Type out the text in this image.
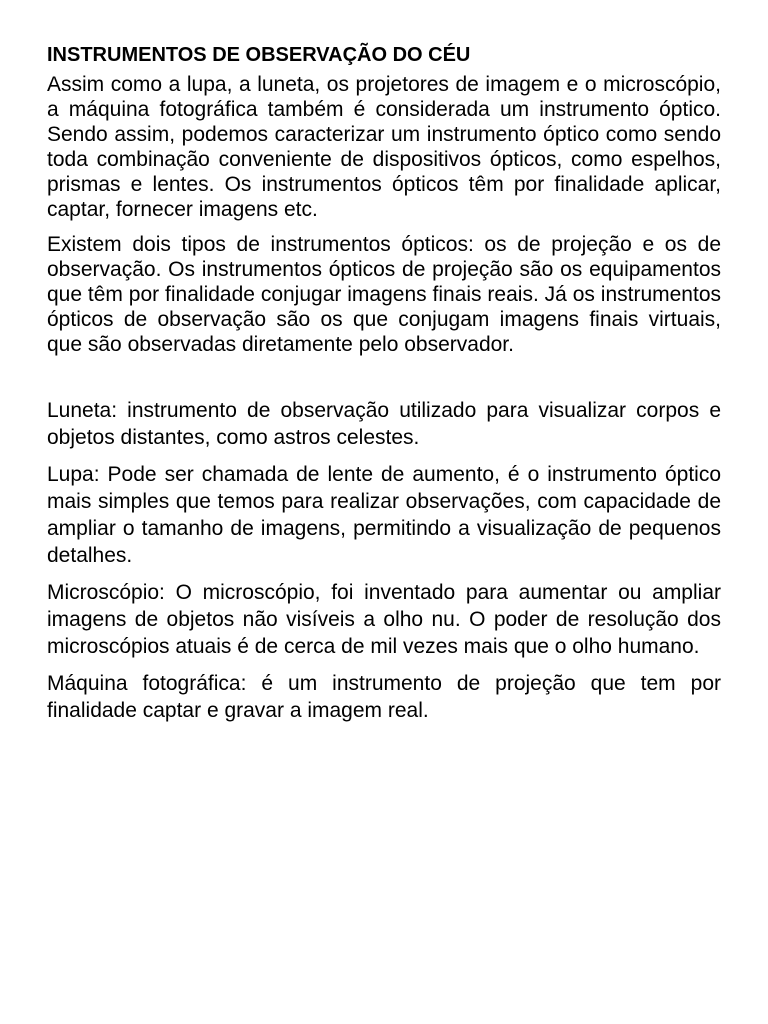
INSTRUMENTOS DE OBSERVAÇÃO DO CÉU

Assim como a lupa, a luneta, os projetores de imagem e o microscópio, a máquina fotográfica também é considerada um instrumento óptico. Sendo assim, podemos caracterizar um instrumento óptico como sendo toda combinação conveniente de dispositivos ópticos, como espelhos, prismas e lentes. Os instrumentos ópticos têm por finalidade aplicar, captar, fornecer imagens etc.

Existem dois tipos de instrumentos ópticos: os de projeção e os de observação. Os instrumentos ópticos de projeção são os equipamentos que têm por finalidade conjugar imagens finais reais. Já os instrumentos ópticos de observação são os que conjugam imagens finais virtuais, que são observadas diretamente pelo observador.

Luneta: instrumento de observação utilizado para visualizar corpos e objetos distantes, como astros celestes.

Lupa: Pode ser chamada de lente de aumento, é o instrumento óptico mais simples que temos para realizar observações, com capacidade de ampliar o tamanho de imagens, permitindo a visualização de pequenos detalhes.

Microscópio: O microscópio, foi inventado para aumentar ou ampliar imagens de objetos não visíveis a olho nu. O poder de resolução dos microscópios atuais é de cerca de mil vezes mais que o olho humano.

Máquina fotográfica: é um instrumento de projeção que tem por finalidade captar e gravar a imagem real.
